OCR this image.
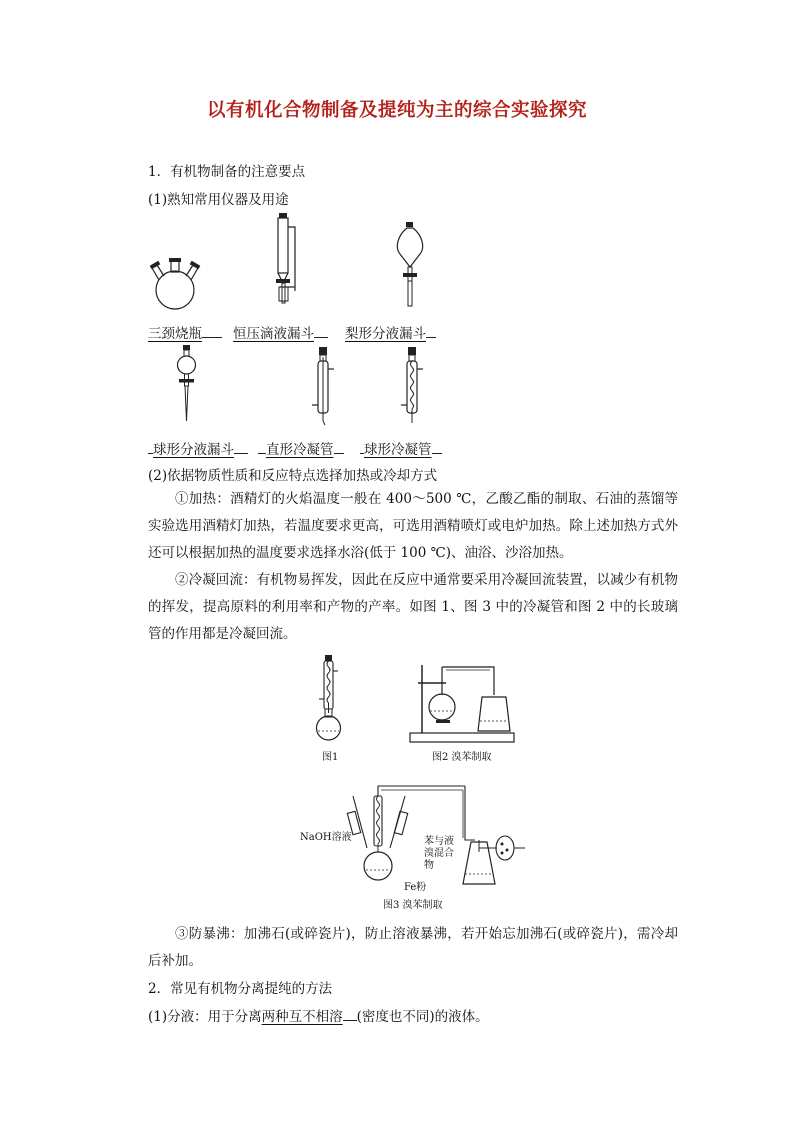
以有机化合物制备及提纯为主的综合实验探究
1．有机物制备的注意要点
(1)熟知常用仪器及用途
三颈烧瓶	恒压滴液漏斗	梨形分液漏斗
球形分液漏斗	直形冷凝管	球形冷凝管
(2)依据物质性质和反应特点选择加热或冷却方式
①加热：酒精灯的火焰温度一般在 400～500 ℃，乙酸乙酯的制取、石油的蒸馏等实验选用酒精灯加热，若温度要求更高，可选用酒精喷灯或电炉加热。除上述加热方式外还可以根据加热的温度要求选择水浴(低于 100 ℃)、油浴、沙浴加热。
②冷凝回流：有机物易挥发，因此在反应中通常要采用冷凝回流装置，以减少有机物的挥发，提高原料的利用率和产物的产率。如图 1、图 3 中的冷凝管和图 2 中的长玻璃管的作用都是冷凝回流。
图1	图2 溴苯制取
NaOH溶液	苯与液溴混合物
Fe粉
图3 溴苯制取
③防暴沸：加沸石(或碎瓷片)，防止溶液暴沸，若开始忘加沸石(或碎瓷片)，需冷却后补加。
2．常见有机物分离提纯的方法
(1)分液：用于分离两种互不相溶 (密度也不同)的液体。
